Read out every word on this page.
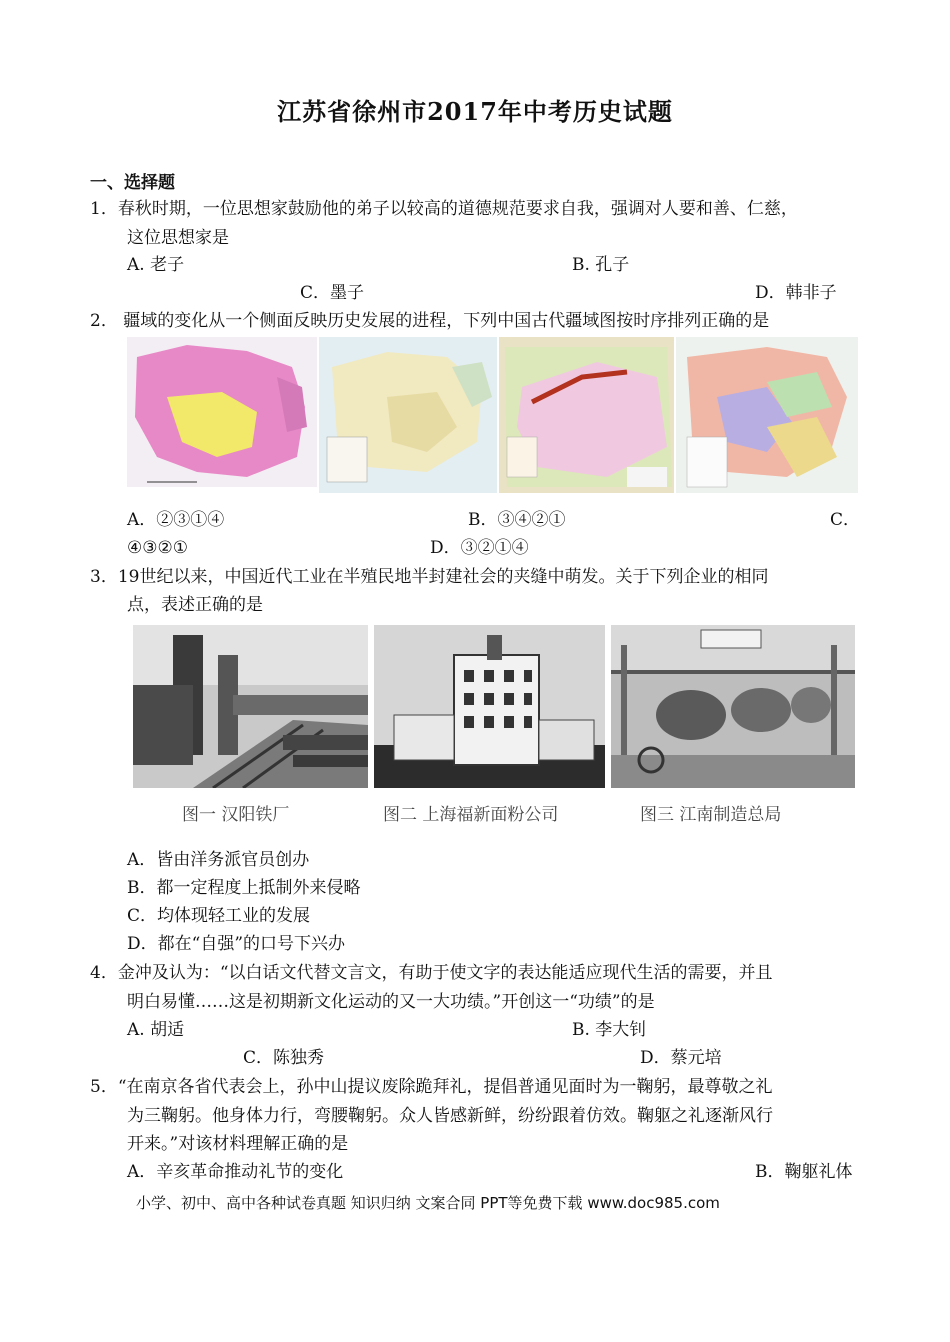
江苏省徐州市2017年中考历史试题
一、选择题
1．春秋时期，一位思想家鼓励他的弟子以较高的道德规范要求自我，强调对人要和善、仁慈，
这位思想家是
A. 老子	B. 孔子
C．墨子	D．韩非子
2． 疆域的变化从一个侧面反映历史发展的进程，下列中国古代疆域图按时序排列正确的是
A．②③①④	B．③④②①	C．
④③②①	D．③②①④
3．19世纪以来，中国近代工业在半殖民地半封建社会的夹缝中萌发。关于下列企业的相同
点，表述正确的是
图一 汉阳铁厂	图二 上海福新面粉公司	图三 江南制造总局
A．皆由洋务派官员创办
B．都一定程度上抵制外来侵略
C．均体现轻工业的发展
D．都在“自强”的口号下兴办
4．金冲及认为：“以白话文代替文言文，有助于使文字的表达能适应现代生活的需要，并且
明白易懂……这是初期新文化运动的又一大功绩。”开创这一“功绩”的是
A. 胡适	B. 李大钊
C．陈独秀	D．蔡元培
5．“在南京各省代表会上，孙中山提议废除跪拜礼，提倡普通见面时为一鞠躬，最尊敬之礼
为三鞠躬。他身体力行，弯腰鞠躬。众人皆感新鲜，纷纷跟着仿效。鞠躯之礼逐渐风行
开来。”对该材料理解正确的是
A．辛亥革命推动礼节的变化	B．鞠躯礼体
小学、初中、高中各种试卷真题 知识归纳 文案合同 PPT等免费下载 www.doc985.com
